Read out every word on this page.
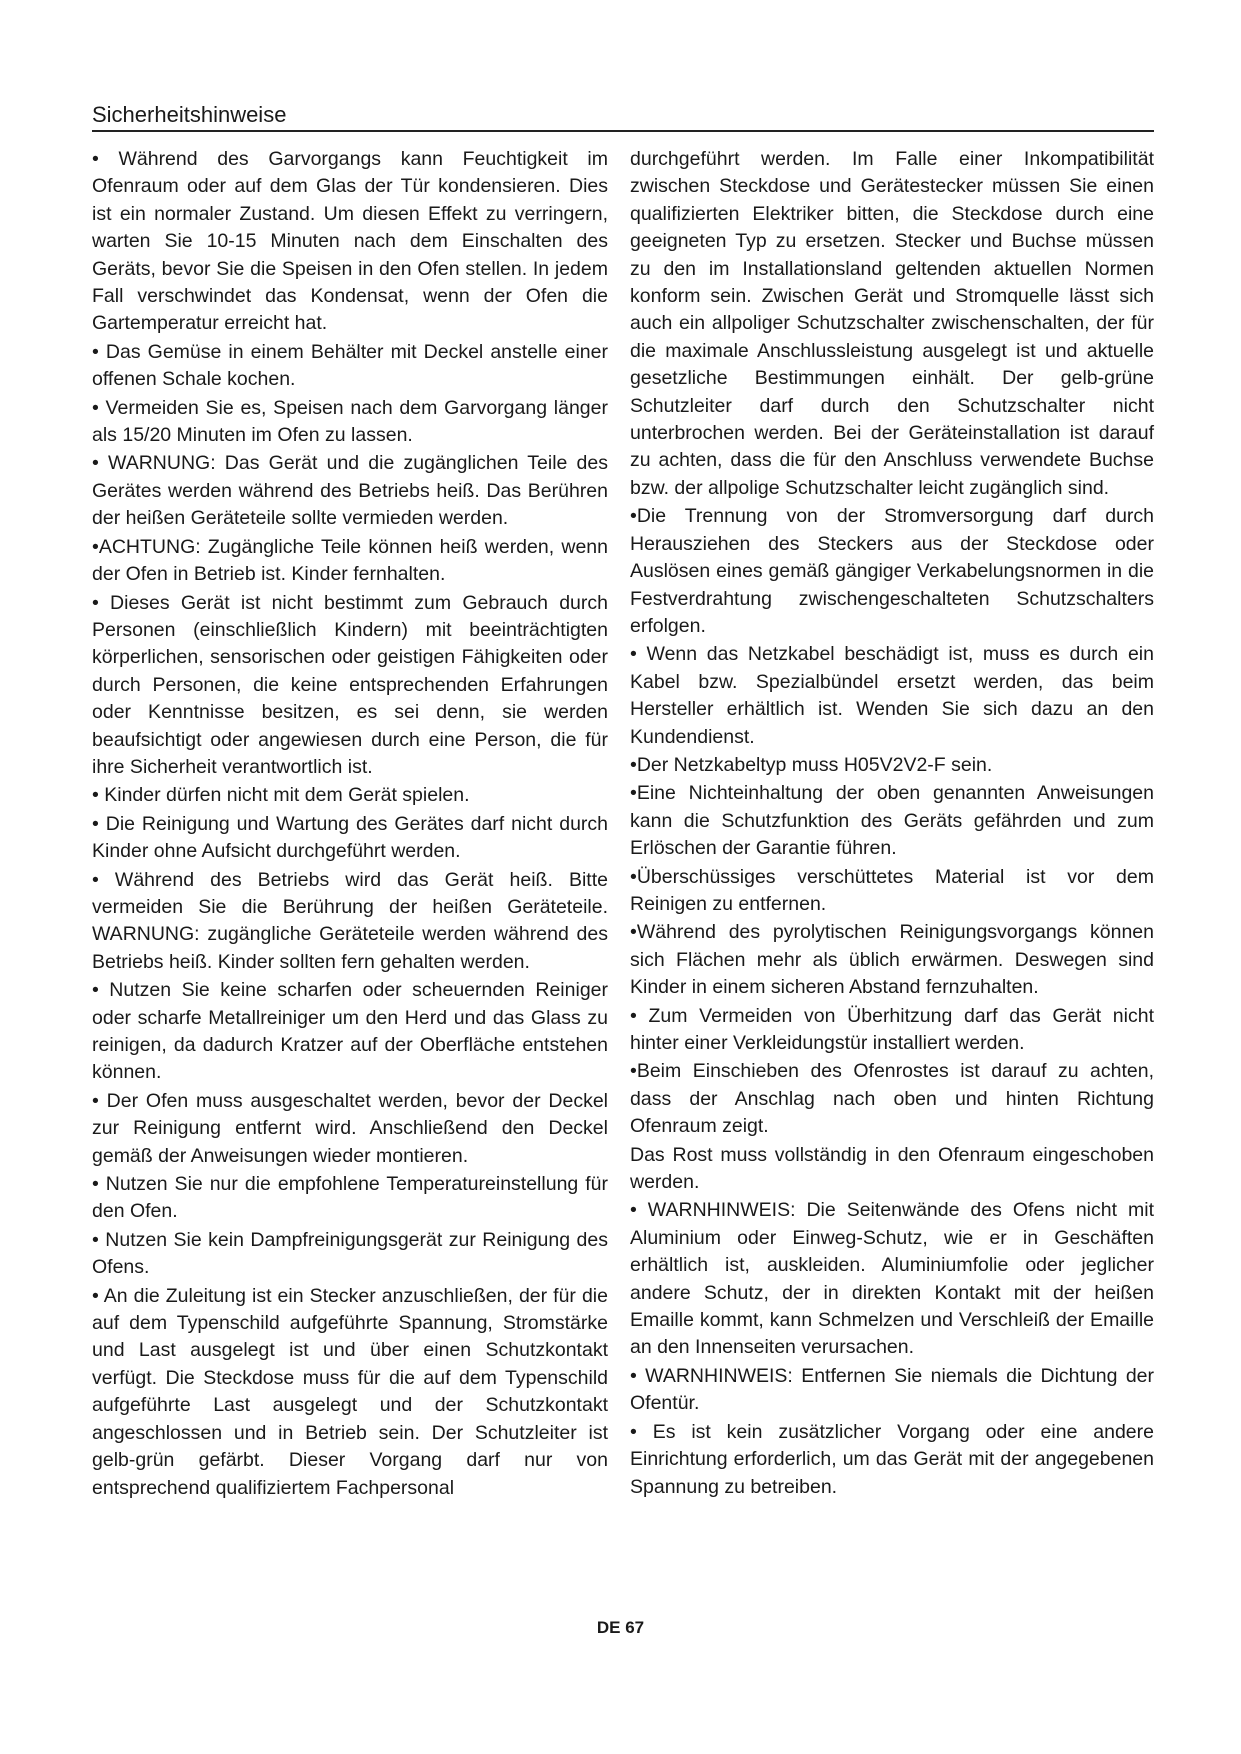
Sicherheitshinweise

• Während des Garvorgangs kann Feuchtigkeit im Ofenraum oder auf dem Glas der Tür kondensieren. Dies ist ein normaler Zustand. Um diesen Effekt zu verringern, warten Sie 10-15 Minuten nach dem Einschalten des Geräts, bevor Sie die Speisen in den Ofen stellen. In jedem Fall verschwindet das Kondensat, wenn der Ofen die Gartemperatur erreicht hat.

• Das Gemüse in einem Behälter mit Deckel anstelle einer offenen Schale kochen.

• Vermeiden Sie es, Speisen nach dem Garvorgang länger als 15/20 Minuten im Ofen zu lassen.

• WARNUNG: Das Gerät und die zugänglichen Teile des Gerätes werden während des Betriebs heiß. Das Berühren der heißen Geräteteile sollte vermieden werden.

•ACHTUNG: Zugängliche Teile können heiß werden, wenn der Ofen in Betrieb ist. Kinder fernhalten.

• Dieses Gerät ist nicht bestimmt zum Gebrauch durch Personen (einschließlich Kindern) mit beeinträchtigten körperlichen, sensorischen oder geistigen Fähigkeiten oder durch Personen, die keine entsprechenden Erfahrungen oder Kenntnisse besitzen, es sei denn, sie werden beaufsichtigt oder angewiesen durch eine Person, die für ihre Sicherheit verantwortlich ist.

• Kinder dürfen nicht mit dem Gerät spielen.

• Die Reinigung und Wartung des Gerätes darf nicht durch Kinder ohne Aufsicht durchgeführt werden.

• Während des Betriebs wird das Gerät heiß. Bitte vermeiden Sie die Berührung der heißen Geräteteile. WARNUNG: zugängliche Geräteteile werden während des Betriebs heiß. Kinder sollten fern gehalten werden.

• Nutzen Sie keine scharfen oder scheuernden Reiniger oder scharfe Metallreiniger um den Herd und das Glass zu reinigen, da dadurch Kratzer auf der Oberfläche entstehen können.

• Der Ofen muss ausgeschaltet werden, bevor der Deckel zur Reinigung entfernt wird. Anschließend den Deckel gemäß der Anweisungen wieder montieren.

• Nutzen Sie nur die empfohlene Temperatureinstellung für den Ofen.

• Nutzen Sie kein Dampfreinigungsgerät zur Reinigung des Ofens.

• An die Zuleitung ist ein Stecker anzuschließen, der für die auf dem Typenschild aufgeführte Spannung, Stromstärke und Last ausgelegt ist und über einen Schutzkontakt verfügt. Die Steckdose muss für die auf dem Typenschild aufgeführte Last ausgelegt und der Schutzkontakt angeschlossen und in Betrieb sein. Der Schutzleiter ist gelb-grün gefärbt. Dieser Vorgang darf nur von entsprechend qualifiziertem Fachpersonal

durchgeführt werden. Im Falle einer Inkompatibilität zwischen Steckdose und Gerätestecker müssen Sie einen qualifizierten Elektriker bitten, die Steckdose durch eine geeigneten Typ zu ersetzen. Stecker und Buchse müssen zu den im Installationsland geltenden aktuellen Normen konform sein. Zwischen Gerät und Stromquelle lässt sich auch ein allpoliger Schutzschalter zwischenschalten, der für die maximale Anschlussleistung ausgelegt ist und aktuelle gesetzliche Bestimmungen einhält. Der gelb-grüne Schutzleiter darf durch den Schutzschalter nicht unterbrochen werden. Bei der Geräteinstallation ist darauf zu achten, dass die für den Anschluss verwendete Buchse bzw. der allpolige Schutzschalter leicht zugänglich sind.

•Die Trennung von der Stromversorgung darf durch Herausziehen des Steckers aus der Steckdose oder Auslösen eines gemäß gängiger Verkabelungsnormen in die Festverdrahtung zwischengeschalteten Schutzschalters erfolgen.

• Wenn das Netzkabel beschädigt ist, muss es durch ein Kabel bzw. Spezialbündel ersetzt werden, das beim Hersteller erhältlich ist. Wenden Sie sich dazu an den Kundendienst.

•Der Netzkabeltyp muss H05V2V2-F sein.

•Eine Nichteinhaltung der oben genannten Anweisungen kann die Schutzfunktion des Geräts gefährden und zum Erlöschen der Garantie führen.

•Überschüssiges verschüttetes Material ist vor dem Reinigen zu entfernen.

•Während des pyrolytischen Reinigungsvorgangs können sich Flächen mehr als üblich erwärmen. Deswegen sind Kinder in einem sicheren Abstand fernzuhalten.

• Zum Vermeiden von Überhitzung darf das Gerät nicht hinter einer Verkleidungstür installiert werden.

•Beim Einschieben des Ofenrostes ist darauf zu achten, dass der Anschlag nach oben und hinten Richtung Ofenraum zeigt.

Das Rost muss vollständig in den Ofenraum eingeschoben werden.

• WARNHINWEIS: Die Seitenwände des Ofens nicht mit Aluminium oder Einweg-Schutz, wie er in Geschäften erhältlich ist, auskleiden. Aluminiumfolie oder jeglicher andere Schutz, der in direkten Kontakt mit der heißen Emaille kommt, kann Schmelzen und Verschleiß der Emaille an den Innenseiten verursachen.

• WARNHINWEIS: Entfernen Sie niemals die Dichtung der Ofentür.

• Es ist kein zusätzlicher Vorgang oder eine andere Einrichtung erforderlich, um das Gerät mit der angegebenen Spannung zu betreiben.

DE 67
